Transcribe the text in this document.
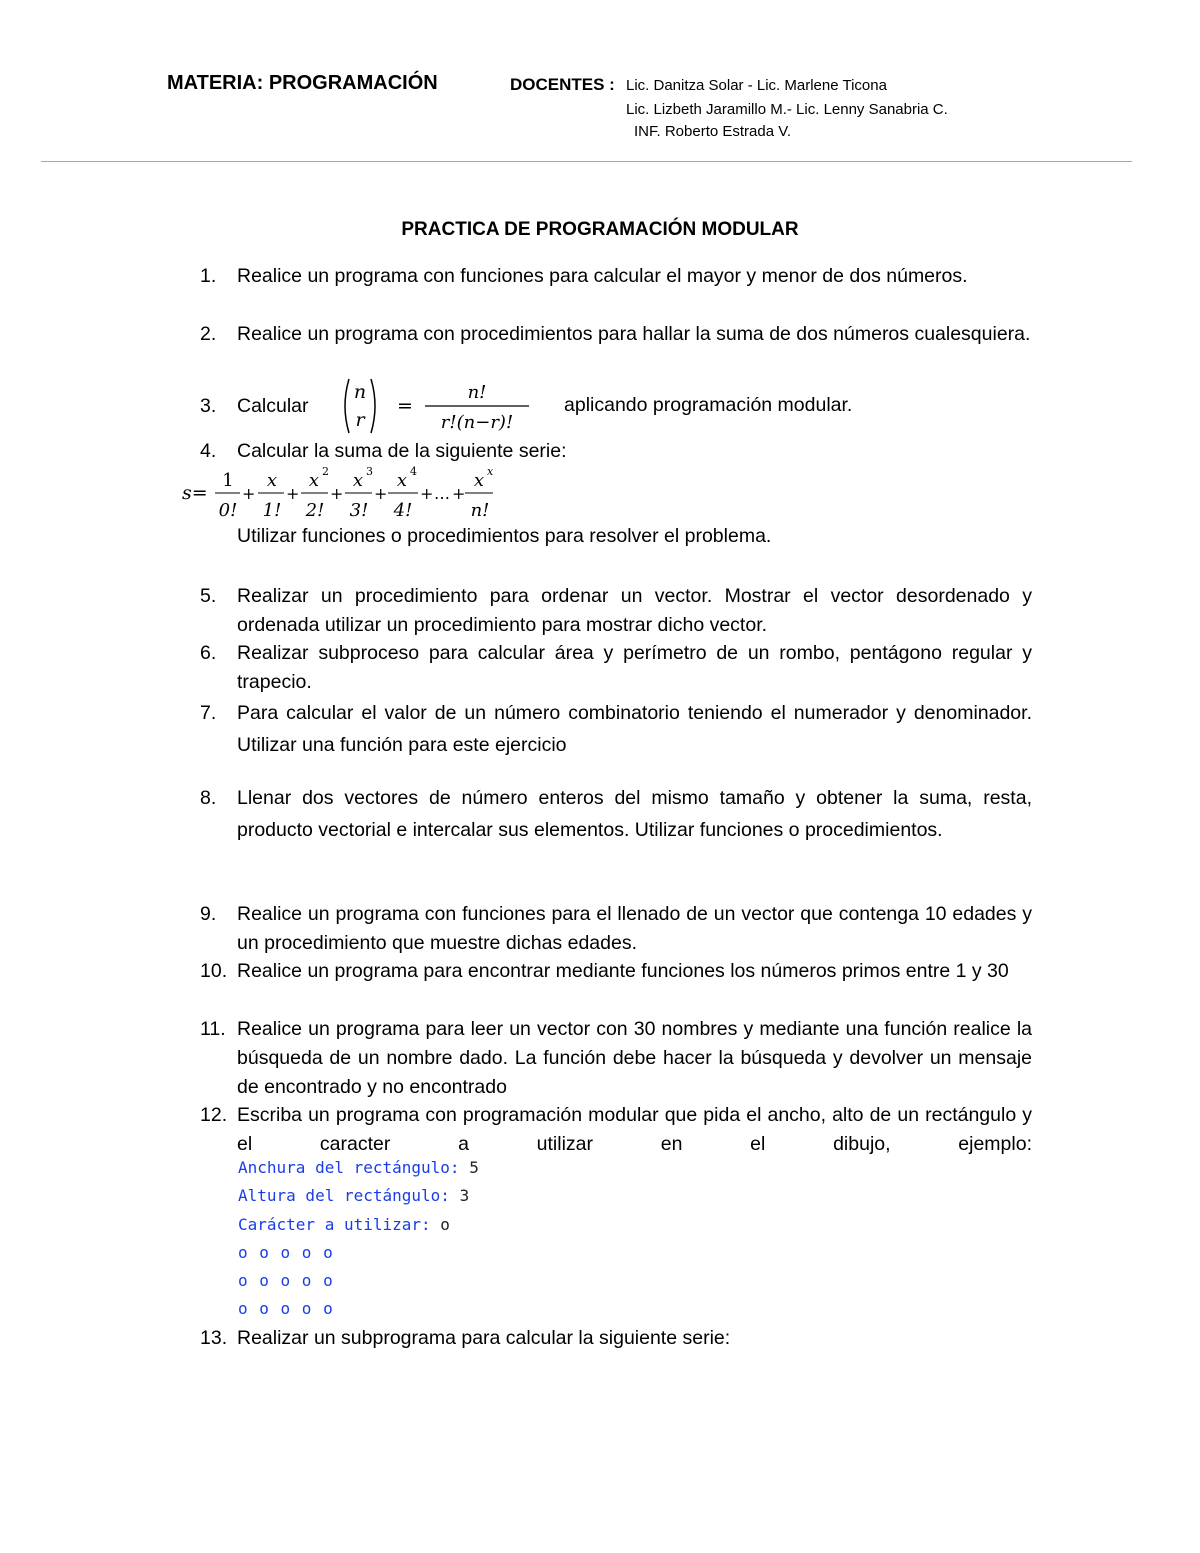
MATERIA: PROGRAMACIÓN	DOCENTES : Lic. Danitza Solar - Lic. Marlene Ticona
Lic. Lizbeth Jaramillo M.- Lic. Lenny Sanabria C.
INF. Roberto Estrada V.
PRACTICA DE PROGRAMACIÓN MODULAR
1.	Realice un programa con funciones para calcular el mayor y menor de dos números.
2.	Realice un programa con procedimientos para hallar la suma de dos números cualesquiera.
3.	Calcular
n
r
=
n!
r!(n−r)!
aplicando programación modular.
4.	Calcular la suma de la siguiente serie:
s=
1
0!
+
x
1!
+
x 2
2!
+
x 3
3!
+
x 4
4!
+ … +
x x
n!
Utilizar funciones o procedimientos para resolver el problema.
5.	Realizar un procedimiento para ordenar un vector. Mostrar el vector desordenado y ordenada utilizar un procedimiento para mostrar dicho vector.
6.	Realizar subproceso para calcular área y perímetro de un rombo, pentágono regular y trapecio.
7.	Para calcular el valor de un número combinatorio teniendo el numerador y denominador. Utilizar una función para este ejercicio
8.	Llenar dos vectores de número enteros del mismo tamaño y obtener la suma, resta, producto vectorial e intercalar sus elementos. Utilizar funciones o procedimientos.
9.	Realice un programa con funciones para el llenado de un vector que contenga 10 edades y un procedimiento que muestre dichas edades.
10. Realice un programa para encontrar mediante funciones los números primos entre 1 y 30
11. Realice un programa para leer un vector con 30 nombres y mediante una función realice la búsqueda de un nombre dado. La función debe hacer la búsqueda y devolver un mensaje de encontrado y no encontrado
12. Escriba un programa con programación modular que pida el ancho, alto de un rectángulo y el caracter a utilizar en el dibujo, ejemplo:
Anchura del rectángulo: 5
Altura del rectángulo: 3
Carácter a utilizar: o
o o o o o
o o o o o
o o o o o
13. Realizar un subprograma para calcular la siguiente serie:
